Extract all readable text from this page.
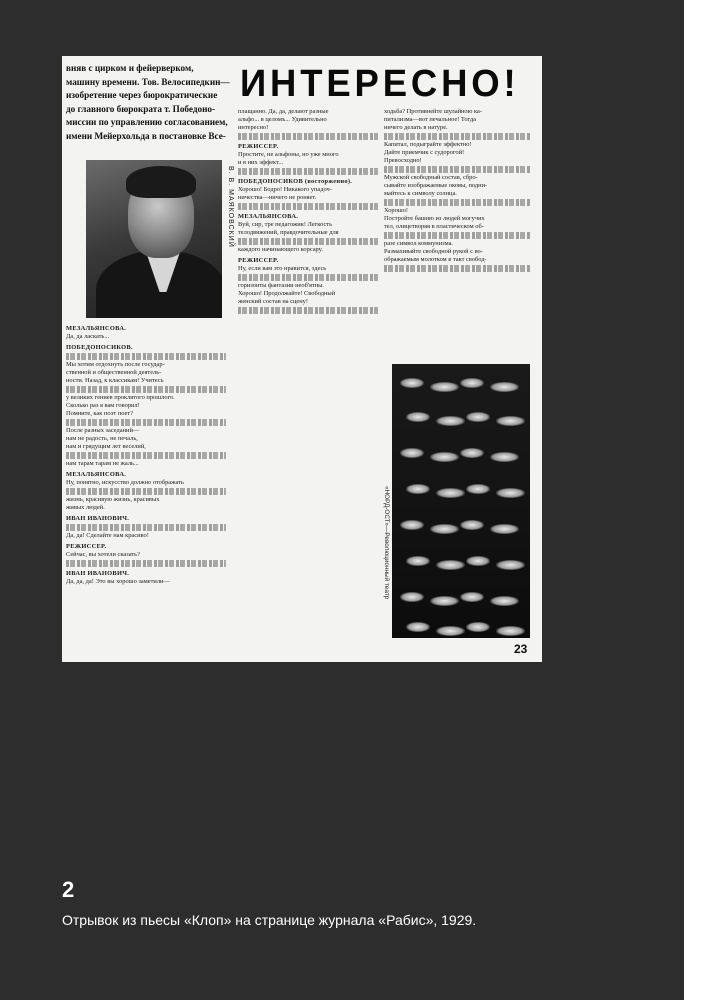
вняв с цирком и фейерверком,
машину времени. Тов. Велосипедкин—
изобретение через бюрократические
до главного бюрократа т. Победоно-
миссии по управлению согласованием,
имени Мейерхольда в постановке Все-
ИНТЕРЕСНО!
В. В. МАЯКОВСКИЙ
МЕЗАЛЬЯНСОВА.
Да, да ласкать...
ПОБЕДОНОСИКОВ.
Мы хотим отдохнуть после государ-
ственной и общественной деятель-
ности. Назад, к классикам! Учитесь
у великих гениев проклятого прошлого.
Сколько раз я вам говорил!
Помните, как поэт поет?
После разных заседаний—
нам не радость, не печаль,
нам и грядущим лет веселий,
нам тарам тарам не жаль...
МЕЗАЛЬЯНСОВА.
Ну, понятно, искусство должно отображать
жизнь, красивую жизнь, красивых
живых людей.
ИВАН ИВАНОВИЧ.
Да, да! Сделайте нам красиво!
РЕЖИССЕР.
Сейчас, вы хотели сказать?
ИВАН ИВАНОВИЧ.
Да, да, да! Это вы хорошо заметили—
плащанно. Да, да, делают разные
альфо... в целомъ... Удивительно
интересно!
РЕЖИССЕР.
Простите, не альфоны, но уже много
и в них эффект...
ПОБЕДОНОСИКОВ (восторженно).
Хорошо! Бодро! Никакого упадоч-
ничества—ничего не роняет.
МЕЗАЛЬЯНСОВА.
Вуй, сир, тре педагожик! Легкость
телодвижений, правдочительные для
каждого начинающего корсару.
РЕЖИССЕР.
Ну, если вам это нравится, здесь
горизонты фантазии необ'ятны.
Хорошо! Продолжайте! Свободный
женский состав на сцену!
ходьба? Противнейте шулайною ка-
питализма—вот печальное! Тогда
ничего делать в натуре.
Капитал, подыграйте эффектно!
Дайте приемчик с судорогой!
Превосходно!
Мужской свободный состав, сбро-
сывайте изображаемые оковы, подни-
майтесь к символу солнца.
Хорошо!
Постройте башню из людей могучих
тел, олицетворяя в пластическом об-
разе символ коммунизма.
Размахивайте свободной рукой с во-
ображаемым молотком в такт свобод-
«НОРД-ОСТ»—Революционный театр
23
2
Отрывок из пьесы «Клоп» на странице журнала «Рабис», 1929.
